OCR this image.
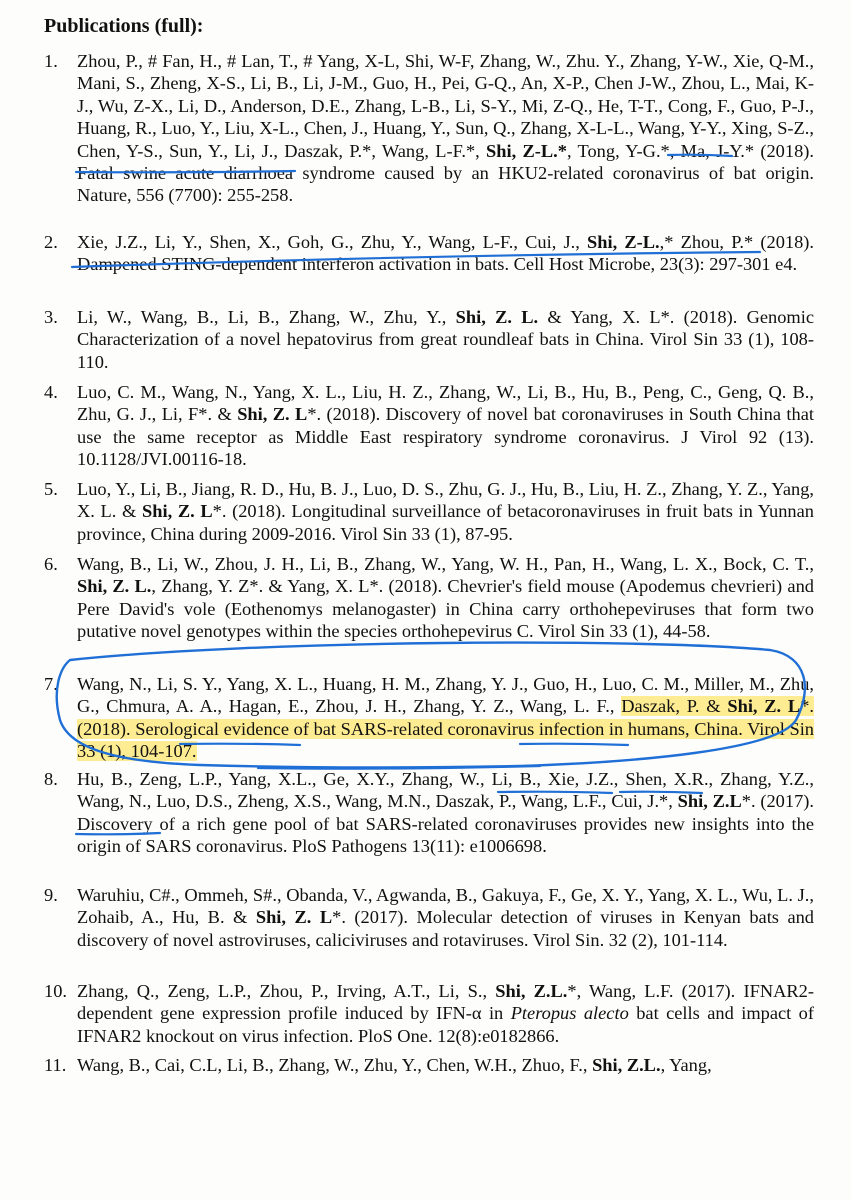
Publications (full):
1.	Zhou, P., # Fan, H., # Lan, T., # Yang, X-L, Shi, W-F, Zhang, W., Zhu. Y., Zhang, Y-W., Xie, Q-M., Mani, S., Zheng, X-S., Li, B., Li, J-M., Guo, H., Pei, G-Q., An, X-P., Chen J-W., Zhou, L., Mai, K-J., Wu, Z-X., Li, D., Anderson, D.E., Zhang, L-B., Li, S-Y., Mi, Z-Q., He, T-T., Cong, F., Guo, P-J., Huang, R., Luo, Y., Liu, X-L., Chen, J., Huang, Y., Sun, Q., Zhang, X-L-L., Wang, Y-Y., Xing, S-Z., Chen, Y-S., Sun, Y., Li, J., Daszak, P.*, Wang, L-F.*, Shi, Z-L.*, Tong, Y-G.*, Ma, J-Y.* (2018). Fatal swine acute diarrhoea syndrome caused by an HKU2-related coronavirus of bat origin. Nature, 556 (7700): 255-258.
2.	Xie, J.Z., Li, Y., Shen, X., Goh, G., Zhu, Y., Wang, L-F., Cui, J., Shi, Z-L.,* Zhou, P.* (2018). Dampened STING-dependent interferon activation in bats. Cell Host Microbe, 23(3): 297-301 e4.
3.	Li, W., Wang, B., Li, B., Zhang, W., Zhu, Y., Shi, Z. L. & Yang, X. L*. (2018). Genomic Characterization of a novel hepatovirus from great roundleaf bats in China. Virol Sin 33 (1), 108-110.
4.	Luo, C. M., Wang, N., Yang, X. L., Liu, H. Z., Zhang, W., Li, B., Hu, B., Peng, C., Geng, Q. B., Zhu, G. J., Li, F*. & Shi, Z. L*. (2018). Discovery of novel bat coronaviruses in South China that use the same receptor as Middle East respiratory syndrome coronavirus. J Virol 92 (13). 10.1128/JVI.00116-18.
5.	Luo, Y., Li, B., Jiang, R. D., Hu, B. J., Luo, D. S., Zhu, G. J., Hu, B., Liu, H. Z., Zhang, Y. Z., Yang, X. L. & Shi, Z. L*. (2018). Longitudinal surveillance of betacoronaviruses in fruit bats in Yunnan province, China during 2009-2016. Virol Sin 33 (1), 87-95.
6.	Wang, B., Li, W., Zhou, J. H., Li, B., Zhang, W., Yang, W. H., Pan, H., Wang, L. X., Bock, C. T., Shi, Z. L., Zhang, Y. Z*. & Yang, X. L*. (2018). Chevrier's field mouse (Apodemus chevrieri) and Pere David's vole (Eothenomys melanogaster) in China carry orthohepeviruses that form two putative novel genotypes within the species orthohepevirus C. Virol Sin 33 (1), 44-58.
7.	Wang, N., Li, S. Y., Yang, X. L., Huang, H. M., Zhang, Y. J., Guo, H., Luo, C. M., Miller, M., Zhu, G., Chmura, A. A., Hagan, E., Zhou, J. H., Zhang, Y. Z., Wang, L. F., Daszak, P. & Shi, Z. L*. (2018). Serological evidence of bat SARS-related coronavirus infection in humans, China. Virol Sin 33 (1), 104-107.
8.	Hu, B., Zeng, L.P., Yang, X.L., Ge, X.Y., Zhang, W., Li, B., Xie, J.Z., Shen, X.R., Zhang, Y.Z., Wang, N., Luo, D.S., Zheng, X.S., Wang, M.N., Daszak, P., Wang, L.F., Cui, J.*, Shi, Z.L*. (2017). Discovery of a rich gene pool of bat SARS-related coronaviruses provides new insights into the origin of SARS coronavirus. PloS Pathogens 13(11): e1006698.
9.	Waruhiu, C#., Ommeh, S#., Obanda, V., Agwanda, B., Gakuya, F., Ge, X. Y., Yang, X. L., Wu, L. J., Zohaib, A., Hu, B. & Shi, Z. L*. (2017). Molecular detection of viruses in Kenyan bats and discovery of novel astroviruses, caliciviruses and rotaviruses. Virol Sin. 32 (2), 101-114.
10. Zhang, Q., Zeng, L.P., Zhou, P., Irving, A.T., Li, S., Shi, Z.L.*, Wang, L.F. (2017). IFNAR2-dependent gene expression profile induced by IFN-α in Pteropus alecto bat cells and impact of IFNAR2 knockout on virus infection. PloS One. 12(8):e0182866.
11. Wang, B., Cai, C.L, Li, B., Zhang, W., Zhu, Y., Chen, W.H., Zhuo, F., Shi, Z.L., Yang,
